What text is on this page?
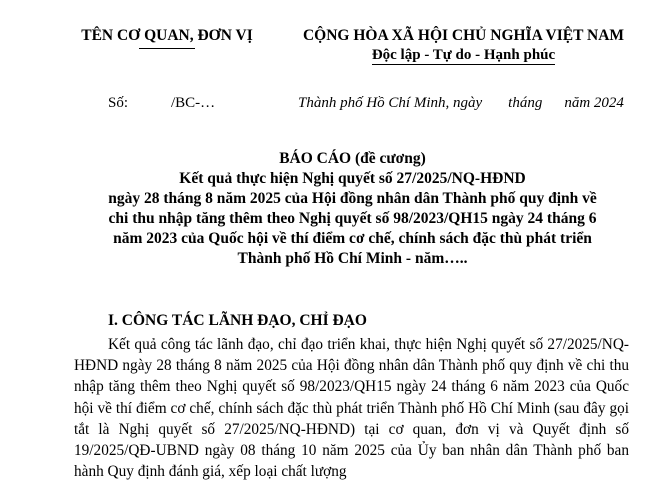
TÊN CƠ QUAN, ĐƠN VỊ	CỘNG HÒA XÃ HỘI CHỦ NGHĨA VIỆT NAM
Độc lập - Tự do - Hạnh phúc
Số:	/BC-…	Thành phố Hồ Chí Minh, ngày tháng năm 2024
BÁO CÁO (đề cương)
Kết quả thực hiện Nghị quyết số 27/2025/NQ-HĐND
ngày 28 tháng 8 năm 2025 của Hội đồng nhân dân Thành phố quy định về
chi thu nhập tăng thêm theo Nghị quyết số 98/2023/QH15 ngày 24 tháng 6
năm 2023 của Quốc hội về thí điểm cơ chế, chính sách đặc thù phát triển
Thành phố Hồ Chí Minh - năm…..
I. CÔNG TÁC LÃNH ĐẠO, CHỈ ĐẠO
Kết quả công tác lãnh đạo, chỉ đạo triển khai, thực hiện Nghị quyết số 27/2025/NQ-HĐND ngày 28 tháng 8 năm 2025 của Hội đồng nhân dân Thành phố quy định về chi thu nhập tăng thêm theo Nghị quyết số 98/2023/QH15 ngày 24 tháng 6 năm 2023 của Quốc hội về thí điểm cơ chế, chính sách đặc thù phát triển Thành phố Hồ Chí Minh (sau đây gọi tắt là Nghị quyết số 27/2025/NQ-HĐND) tại cơ quan, đơn vị và Quyết định số 19/2025/QĐ-UBND ngày 08 tháng 10 năm 2025 của Ủy ban nhân dân Thành phố ban hành Quy định đánh giá, xếp loại chất lượng
